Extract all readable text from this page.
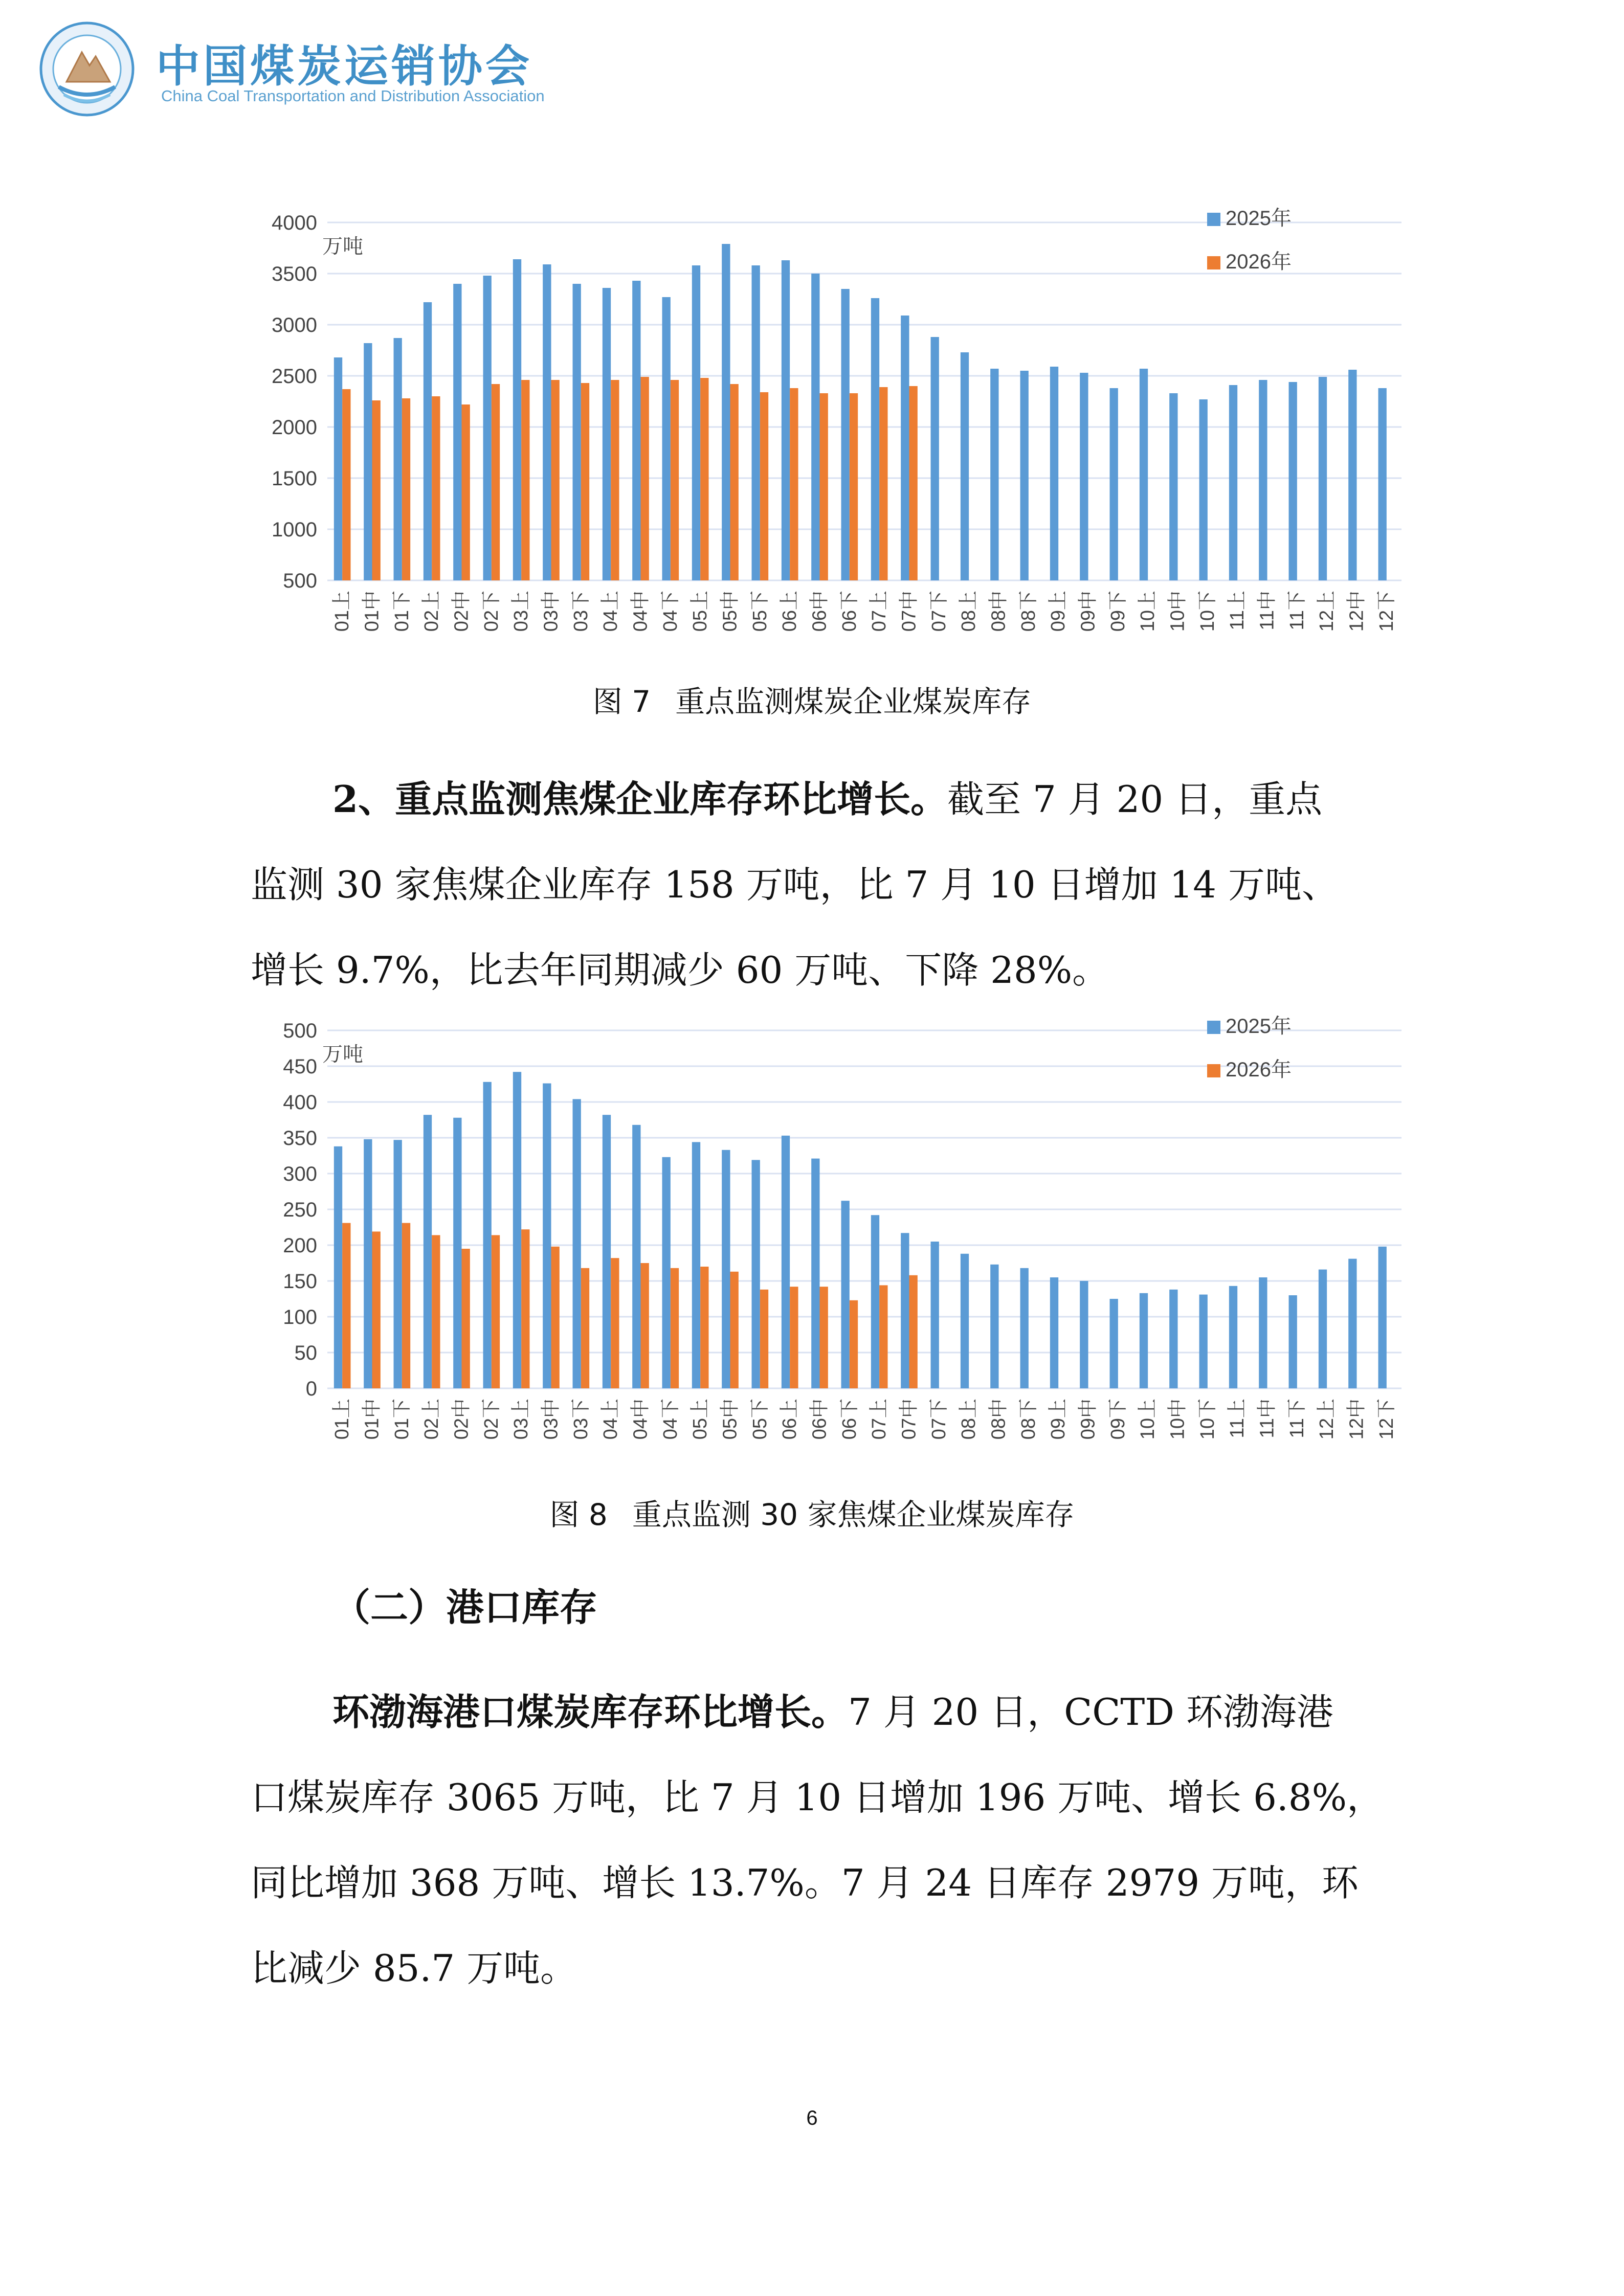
中国煤炭运销协会
China Coal Transportation and Distribution Association
500
1000
1500
2000
2500
3000
3500
4000
万吨
01上 01中 01下 02上 02中 02下 03上 03中 03下 04上 04中 04下 05上 05中 05下 06上 06中 06下 07上 07中 07下 08上 08中 08下 09上 09中 09下 10上 10中 10下 11上 11中 11下 12上 12中 12下
2025年
2026年
图 7 重点监测煤炭企业煤炭库存
2、重点监测焦煤企业库存环比增长。截至 7 月 20 日，重点
监测 30 家焦煤企业库存 158 万吨，比 7 月 10 日增加 14 万吨、
增长 9.7%，比去年同期减少 60 万吨、下降 28%。
0
50
100
150
200
250
300
350
400
450
500
万吨
01上 01中 01下 02上 02中 02下 03上 03中 03下 04上 04中 04下 05上 05中 05下 06上 06中 06下 07上 07中 07下 08上 08中 08下 09上 09中 09下 10上 10中 10下 11上 11中 11下 12上 12中 12下
2025年
2026年
图 8 重点监测 30 家焦煤企业煤炭库存
（二）港口库存
环渤海港口煤炭库存环比增长。7 月 20 日，CCTD 环渤海港
口煤炭库存 3065 万吨，比 7 月 10 日增加 196 万吨、增长 6.8%，
同比增加 368 万吨、增长 13.7%。7 月 24 日库存 2979 万吨，环
比减少 85.7 万吨。
6
